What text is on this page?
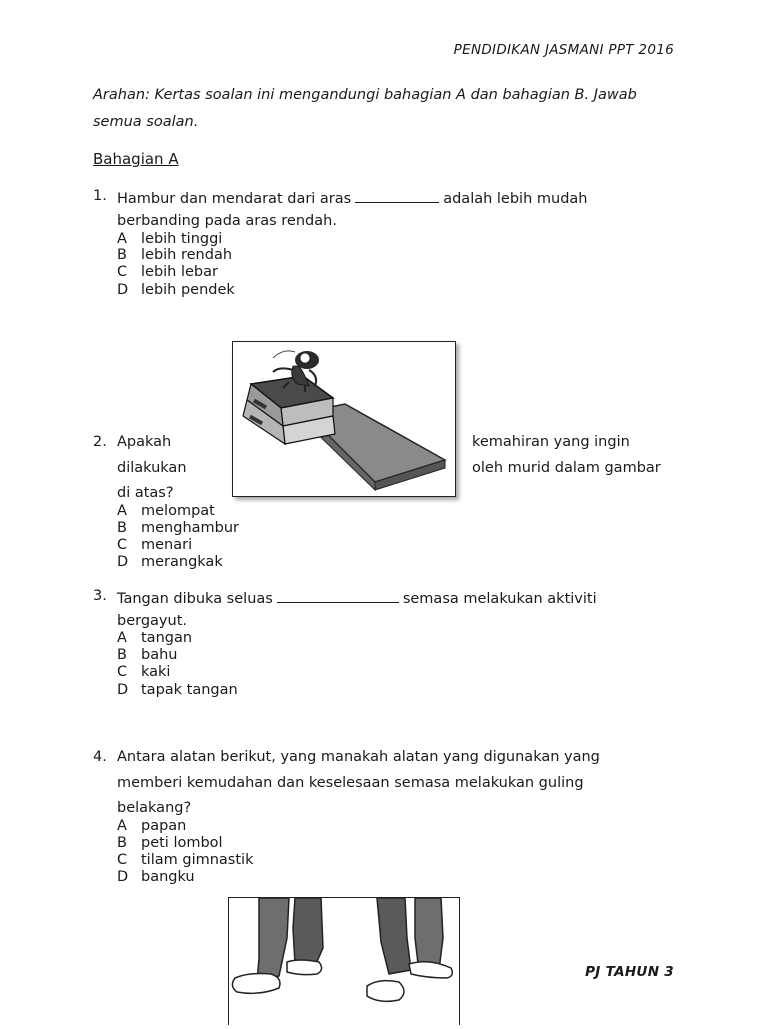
PENDIDIKAN JASMANI PPT 2016
Arahan: Kertas soalan ini mengandungi bahagian A dan bahagian B. Jawab
semua soalan.
Bahagian A
1. Hambur dan mendarat dari aras	adalah lebih mudah
berbanding pada aras rendah.
A lebih tinggi
B lebih rendah
C lebih lebar
D lebih pendek
2. Apakah	kemahiran yang ingin
dilakukan	oleh murid dalam gambar
di atas?
A melompat
B menghambur
C menari
D merangkak
3. Tangan dibuka seluas	semasa melakukan aktiviti
bergayut.
A tangan
B bahu
C kaki
D tapak tangan
4. Antara alatan berikut, yang manakah alatan yang digunakan yang
memberi kemudahan dan keselesaan semasa melakukan guling
belakang?
A papan
B peti lombol
C tilam gimnastik
D bangku
PJ TAHUN 3
